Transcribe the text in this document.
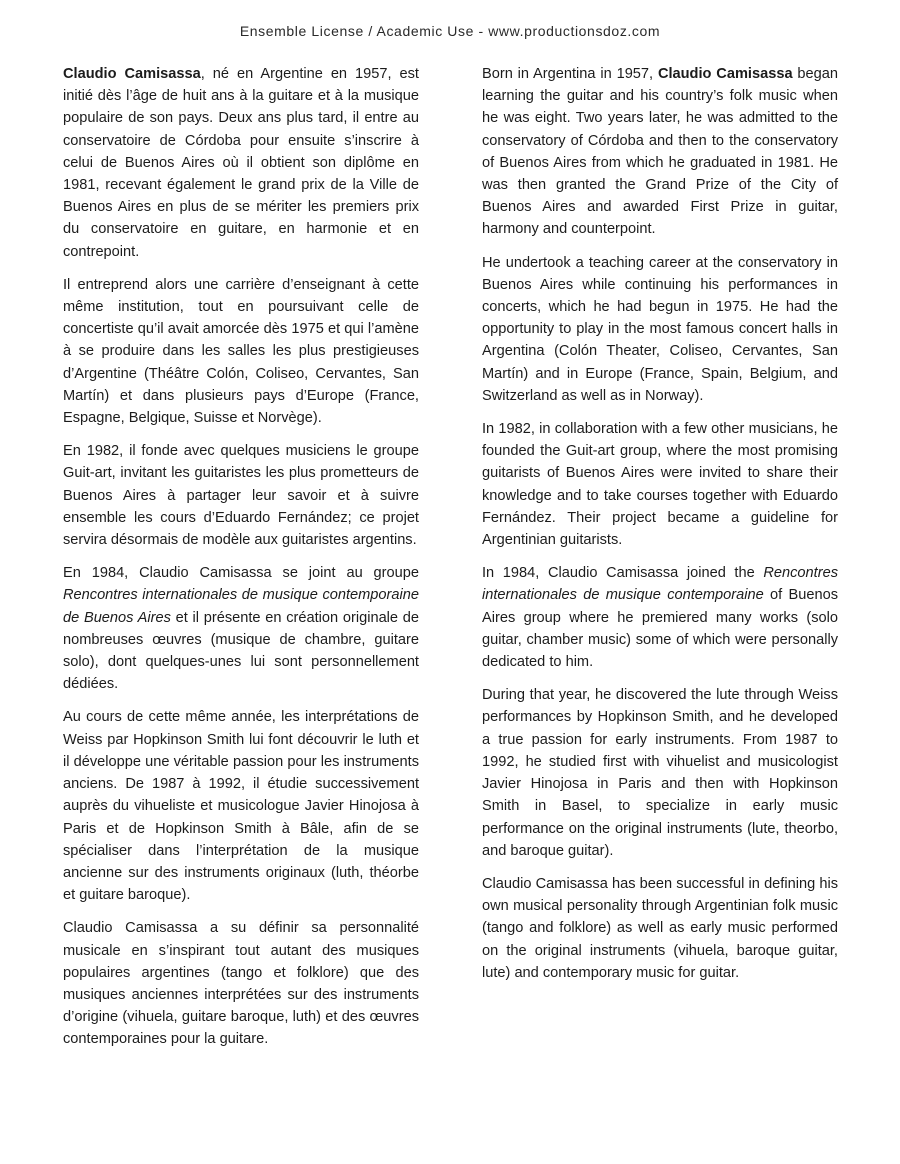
Ensemble License / Academic Use - www.productionsdoz.com

Claudio Camisassa, né en Argentine en 1957, est initié dès l’âge de huit ans à la guitare et à la musique populaire de son pays. Deux ans plus tard, il entre au conservatoire de Córdoba pour ensuite s’inscrire à celui de Buenos Aires où il obtient son diplôme en 1981, recevant également le grand prix de la Ville de Buenos Aires en plus de se mériter les premiers prix du conservatoire en guitare, en harmonie et en contrepoint.

Il entreprend alors une carrière d’enseignant à cette même institution, tout en poursuivant celle de concertiste qu’il avait amorcée dès 1975 et qui l’amène à se produire dans les salles les plus prestigieuses d’Argentine (Théâtre Colón, Coliseo, Cervantes, San Martín) et dans plusieurs pays d’Europe (France, Espagne, Belgique, Suisse et Norvège).

En 1982, il fonde avec quelques musiciens le groupe Guit-art, invitant les guitaristes les plus prometteurs de Buenos Aires à partager leur savoir et à suivre ensemble les cours d’Eduardo Fernández; ce projet servira désormais de modèle aux guitaristes argentins.

En 1984, Claudio Camisassa se joint au groupe Rencontres internationales de musique contemporaine de Buenos Aires et il présente en création originale de nombreuses œuvres (musique de chambre, guitare solo), dont quelques-unes lui sont personnellement dédiées.

Au cours de cette même année, les interprétations de Weiss par Hopkinson Smith lui font découvrir le luth et il développe une véritable passion pour les instruments anciens. De 1987 à 1992, il étudie successivement auprès du vihueliste et musicologue Javier Hinojosa à Paris et de Hopkinson Smith à Bâle, afin de se spécialiser dans l’interprétation de la musique ancienne sur des instruments originaux (luth, théorbe et guitare baroque).

Claudio Camisassa a su définir sa personnalité musicale en s’inspirant tout autant des musiques populaires argentines (tango et folklore) que des musiques anciennes interprétées sur des instruments d’origine (vihuela, guitare baroque, luth) et des œuvres contemporaines pour la guitare.

Born in Argentina in 1957, Claudio Camisassa began learning the guitar and his country’s folk music when he was eight. Two years later, he was admitted to the conservatory of Córdoba and then to the conservatory of Buenos Aires from which he graduated in 1981. He was then granted the Grand Prize of the City of Buenos Aires and awarded First Prize in guitar, harmony and counterpoint.

He undertook a teaching career at the conservatory in Buenos Aires while continuing his performances in concerts, which he had begun in 1975. He had the opportunity to play in the most famous concert halls in Argentina (Colón Theater, Coliseo, Cervantes, San Martín) and in Europe (France, Spain, Belgium, and Switzerland as well as in Norway).

In 1982, in collaboration with a few other musicians, he founded the Guit-art group, where the most promising guitarists of Buenos Aires were invited to share their knowledge and to take courses together with Eduardo Fernández. Their project became a guideline for Argentinian guitarists.

In 1984, Claudio Camisassa joined the Rencontres internationales de musique contemporaine of Buenos Aires group where he premiered many works (solo guitar, chamber music) some of which were personally dedicated to him.

During that year, he discovered the lute through Weiss performances by Hopkinson Smith, and he developed a true passion for early instruments. From 1987 to 1992, he studied first with vihuelist and musicologist Javier Hinojosa in Paris and then with Hopkinson Smith in Basel, to specialize in early music performance on the original instruments (lute, theorbo, and baroque guitar).

Claudio Camisassa has been successful in defining his own musical personality through Argentinian folk music (tango and folklore) as well as early music performed on the original instruments (vihuela, baroque guitar, lute) and contemporary music for guitar.
